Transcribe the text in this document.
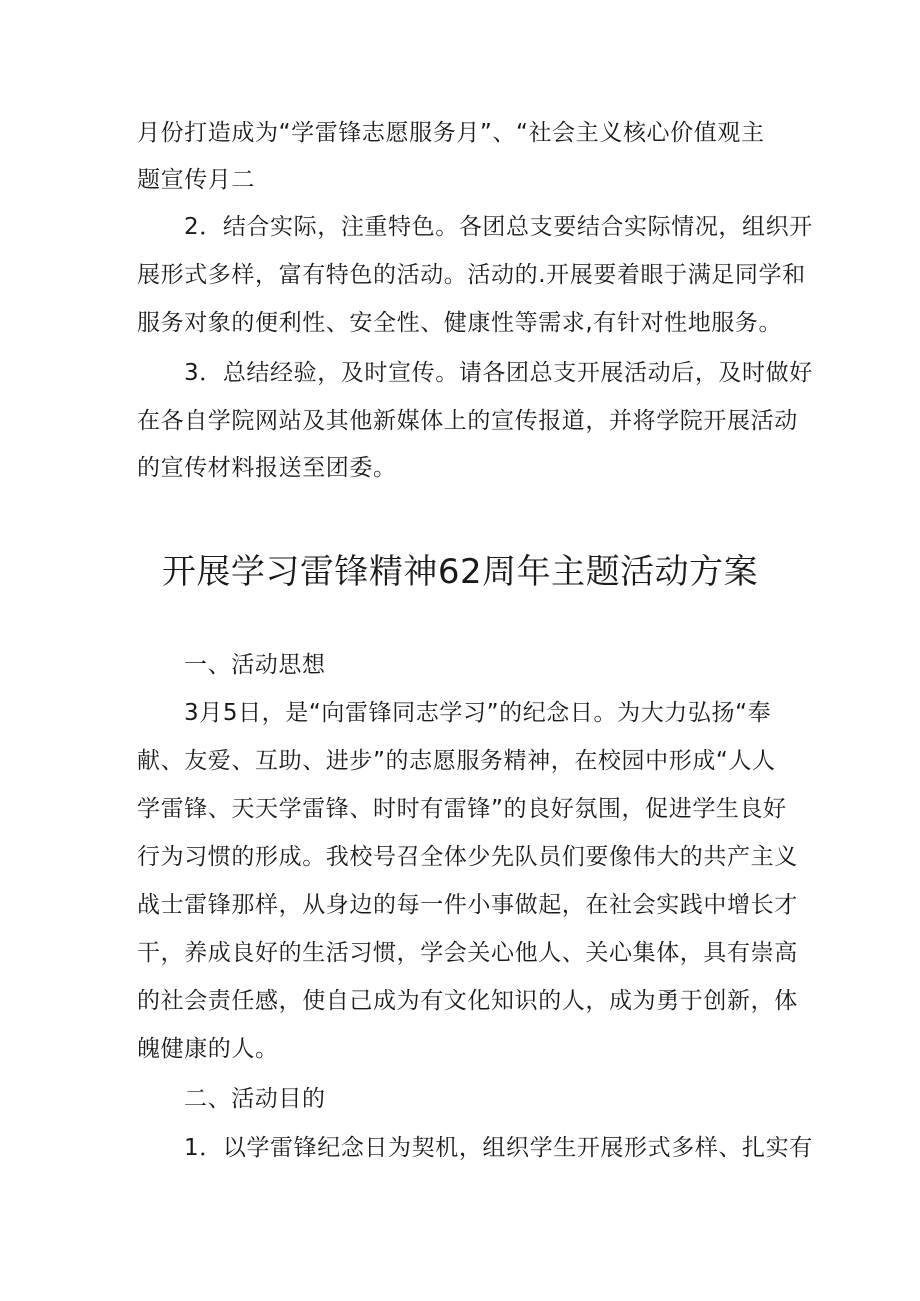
月份打造成为“学雷锋志愿服务月”、“社会主义核心价值观主
题宣传月二
2．结合实际，注重特色。各团总支要结合实际情况，组织开
展形式多样，富有特色的活动。活动的.开展要着眼于满足同学和
服务对象的便利性、安全性、健康性等需求,有针对性地服务。
3．总结经验，及时宣传。请各团总支开展活动后，及时做好
在各自学院网站及其他新媒体上的宣传报道，并将学院开展活动
的宣传材料报送至团委。
开展学习雷锋精神62周年主题活动方案
一、活动思想
3月5日，是“向雷锋同志学习”的纪念日。为大力弘扬“奉
献、友爱、互助、进步”的志愿服务精神，在校园中形成“人人
学雷锋、天天学雷锋、时时有雷锋”的良好氛围，促进学生良好
行为习惯的形成。我校号召全体少先队员们要像伟大的共产主义
战士雷锋那样，从身边的每一件小事做起，在社会实践中增长才
干，养成良好的生活习惯，学会关心他人、关心集体，具有崇高
的社会责任感，使自己成为有文化知识的人，成为勇于创新，体
魄健康的人。
二、活动目的
1．以学雷锋纪念日为契机，组织学生开展形式多样、扎实有
